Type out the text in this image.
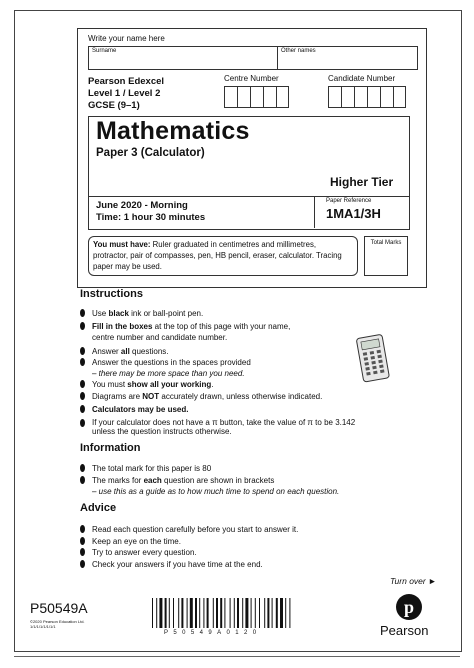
Write your name here
Surname	Other names
Pearson Edexcel
Level 1 / Level 2
GCSE (9–1)
Centre Number	Candidate Number
Mathematics
Paper 3 (Calculator)
Higher Tier
June 2020 - Morning
Time: 1 hour 30 minutes
Paper Reference
1MA1/3H
You must have: Ruler graduated in centimetres and millimetres, protractor, pair of compasses, pen, HB pencil, eraser, calculator. Tracing paper may be used.
Total Marks
Instructions
Use black ink or ball-point pen.
Fill in the boxes at the top of this page with your name,
centre number and candidate number.
Answer all questions.
Answer the questions in the spaces provided
– there may be more space than you need.
You must show all your working.
Diagrams are NOT accurately drawn, unless otherwise indicated.
Calculators may be used.
If your calculator does not have a π button, take the value of π to be 3.142
unless the question instructs otherwise.
Information
The total mark for this paper is 80
The marks for each question are shown in brackets
– use this as a guide as to how much time to spend on each question.
Advice
Read each question carefully before you start to answer it.
Keep an eye on the time.
Try to answer every question.
Check your answers if you have time at the end.
Turn over ►
P50549A
©2020 Pearson Education Ltd.
1/1/1/1/1/1/1/1
P50549A0120
p
Pearson
